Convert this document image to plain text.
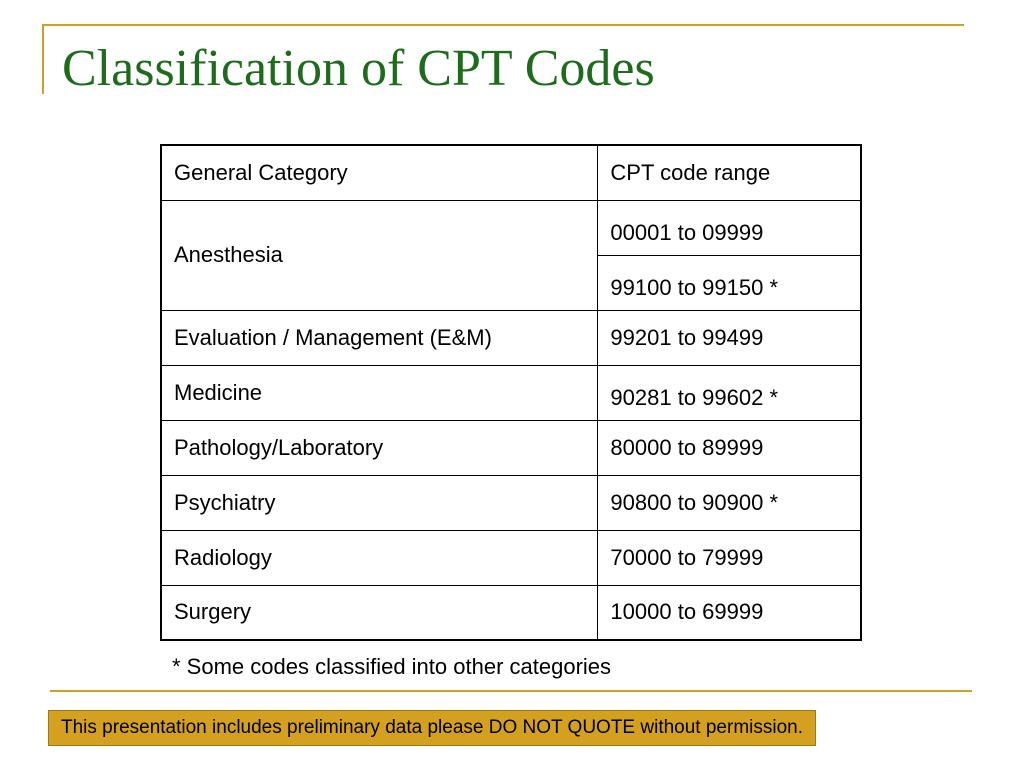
Classification of CPT Codes
General Category	CPT code range
Anesthesia	00001 to 09999
	99100 to 99150 *
Evaluation / Management (E&M)	99201 to 99499
Medicine	90281 to 99602 *
Pathology/Laboratory	80000 to 89999
Psychiatry	90800 to 90900 *
Radiology	70000 to 79999
Surgery	10000 to 69999

* Some codes classified into other categories

This presentation includes preliminary data please DO NOT QUOTE without permission.
